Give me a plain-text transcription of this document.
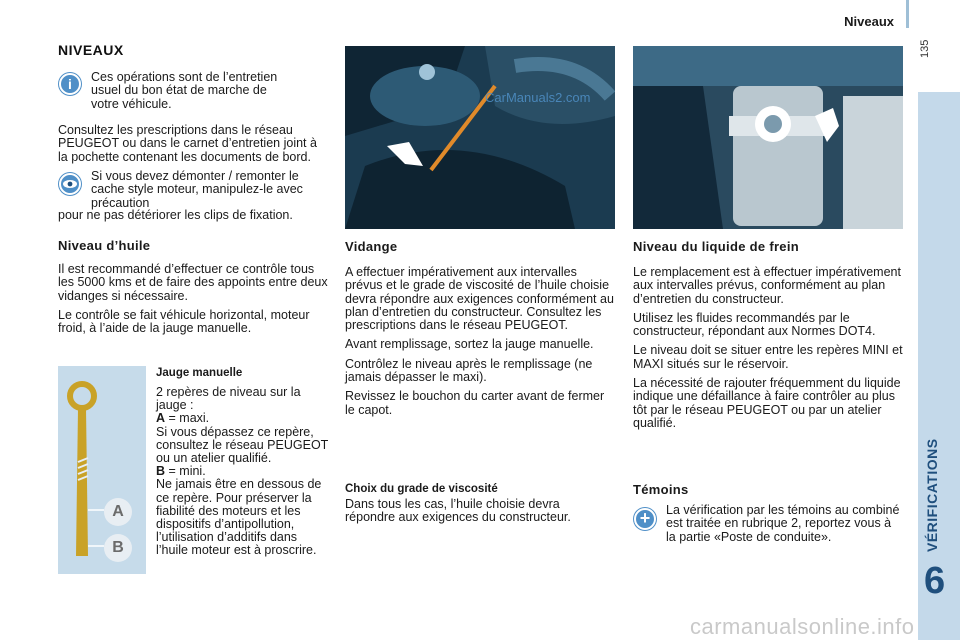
Niveaux
135
VÉRIFICATIONS
6
NIVEAUX
i	Ces opérations sont de l’entretien usuel du bon état de marche de votre véhicule.
Consultez les prescriptions dans le réseau PEUGEOT ou dans le carnet d’entretien joint à la pochette contenant les documents de bord.
Si vous devez démonter / remonter le cache style moteur, manipulez-le avec précaution
pour ne pas détériorer les clips de fixation.
Niveau d’huile

Il est recommandé d’effectuer ce contrôle tous les 5000 kms et de faire des appoints entre deux vidanges si nécessaire.

Le contrôle se fait véhicule horizontal, moteur froid, à l’aide de la jauge manuelle.

A
B
Jauge manuelle
2 repères de niveau sur la jauge :
A = maxi.
Si vous dépassez ce repère, consultez le réseau PEUGEOT ou un atelier qualifié.
B = mini.
Ne jamais être en dessous de ce repère. Pour préserver la fiabilité des moteurs et les dispositifs d’antipollution, l’utilisation d’additifs dans l’huile moteur est à proscrire.
CarManuals2.com
Vidange

A effectuer impérativement aux intervalles prévus et le grade de viscosité de l’huile choisie devra répondre aux exigences conformément au plan d’entretien du constructeur. Consultez les prescriptions dans le réseau PEUGEOT.

Avant remplissage, sortez la jauge manuelle.

Contrôlez le niveau après le remplissage (ne jamais dépasser le maxi).

Revissez le bouchon du carter avant de fermer le capot.

Choix du grade de viscosité
Dans tous les cas, l’huile choisie devra répondre aux exigences du constructeur.
Niveau du liquide de frein

Le remplacement est à effectuer impérativement aux intervalles prévus, conformément au plan d’entretien du constructeur.

Utilisez les fluides recommandés par le constructeur, répondant aux Normes DOT4.

Le niveau doit se situer entre les repères MINI et MAXI situés sur le réservoir.

La nécessité de rajouter fréquemment du liquide indique une défaillance à faire contrôler au plus tôt par le réseau PEUGEOT ou par un atelier qualifié.

Témoins
+	La vérification par les témoins au combiné est traitée en rubrique 2, reportez vous à la partie «Poste de conduite».
carmanualsonline.info
